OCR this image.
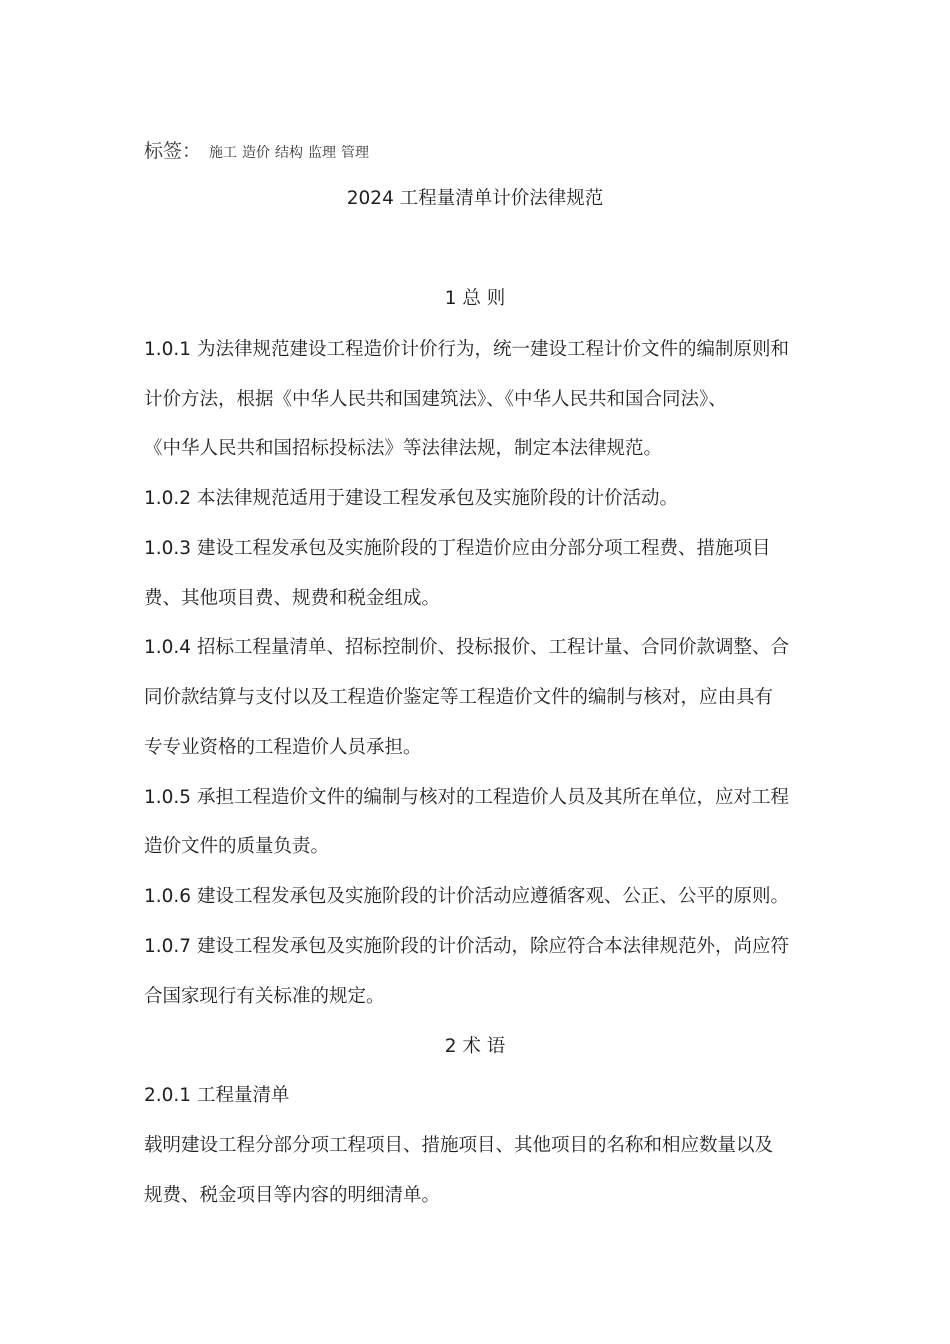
标签： 施工 造价 结构 监理 管理
2024 工程量清单计价法律规范
1 总 则
1.0.1 为法律规范建设工程造价计价行为，统一建设工程计价文件的编制原则和
计价方法，根据《中华人民共和国建筑法》、《中华人民共和国合同法》、
《中华人民共和国招标投标法》等法律法规，制定本法律规范。
1.0.2 本法律规范适用于建设工程发承包及实施阶段的计价活动。
1.0.3 建设工程发承包及实施阶段的丁程造价应由分部分项工程费、措施项目
费、其他项目费、规费和税金组成。
1.0.4 招标工程量清单、招标控制价、投标报价、工程计量、合同价款调整、合
同价款结算与支付以及工程造价鉴定等工程造价文件的编制与核对，应由具有
专专业资格的工程造价人员承担。
1.0.5 承担工程造价文件的编制与核对的工程造价人员及其所在单位，应对工程
造价文件的质量负责。
1.0.6 建设工程发承包及实施阶段的计价活动应遵循客观、公正、公平的原则。
1.0.7 建设工程发承包及实施阶段的计价活动，除应符合本法律规范外，尚应符
合国家现行有关标准的规定。
2 术 语
2.0.1 工程量清单
载明建设工程分部分项工程项目、措施项目、其他项目的名称和相应数量以及
规费、税金项目等内容的明细清单。
